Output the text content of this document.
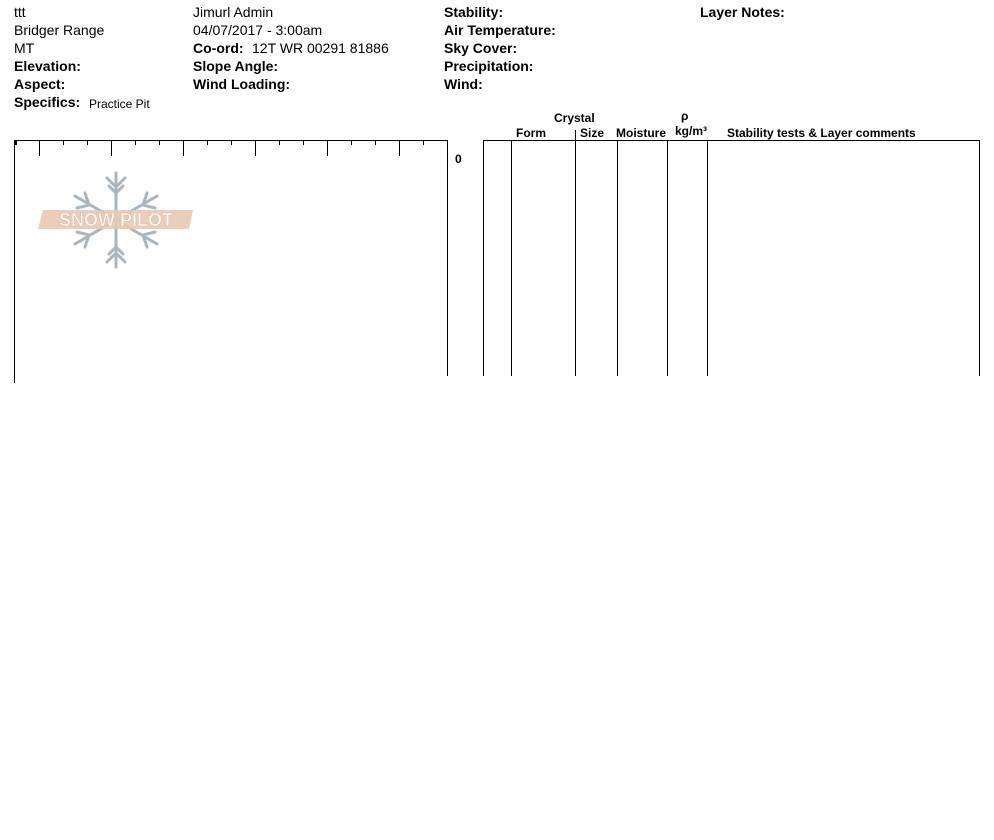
ttt
Bridger Range
MT
Elevation:
Aspect:
Specifics: Practice Pit
Jimurl Admin
04/07/2017 - 3:00am
Co-ord: 12T WR 00291 81886
Slope Angle:
Wind Loading:
Stability:
Air Temperature:
Sky Cover:
Precipitation:
Wind:
Layer Notes:
0
SNOW PILOT
Crystal
Form	Size Moisture
ρ
kg/m³ Stability tests & Layer comments
